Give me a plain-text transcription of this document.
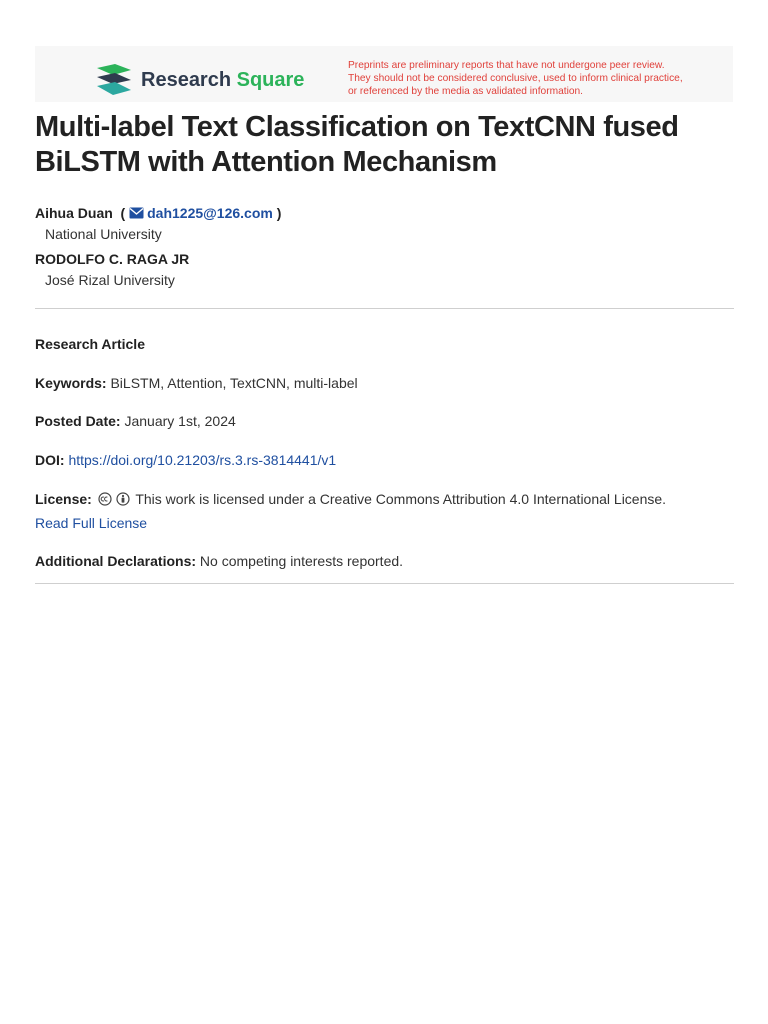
Research Square
Preprints are preliminary reports that have not undergone peer review.
They should not be considered conclusive, used to inform clinical practice,
or referenced by the media as validated information.
Multi-label Text Classification on TextCNN fused BiLSTM with Attention Mechanism
Aihua Duan  ( dah1225@126.com )
National University
RODOLFO C. RAGA JR
José Rizal University
Research Article
Keywords: BiLSTM, Attention, TextCNN, multi-label
Posted Date: January 1st, 2024
DOI: https://doi.org/10.21203/rs.3.rs-3814441/v1
License:	This work is licensed under a Creative Commons Attribution 4.0 International License.
Read Full License
Additional Declarations: No competing interests reported.
